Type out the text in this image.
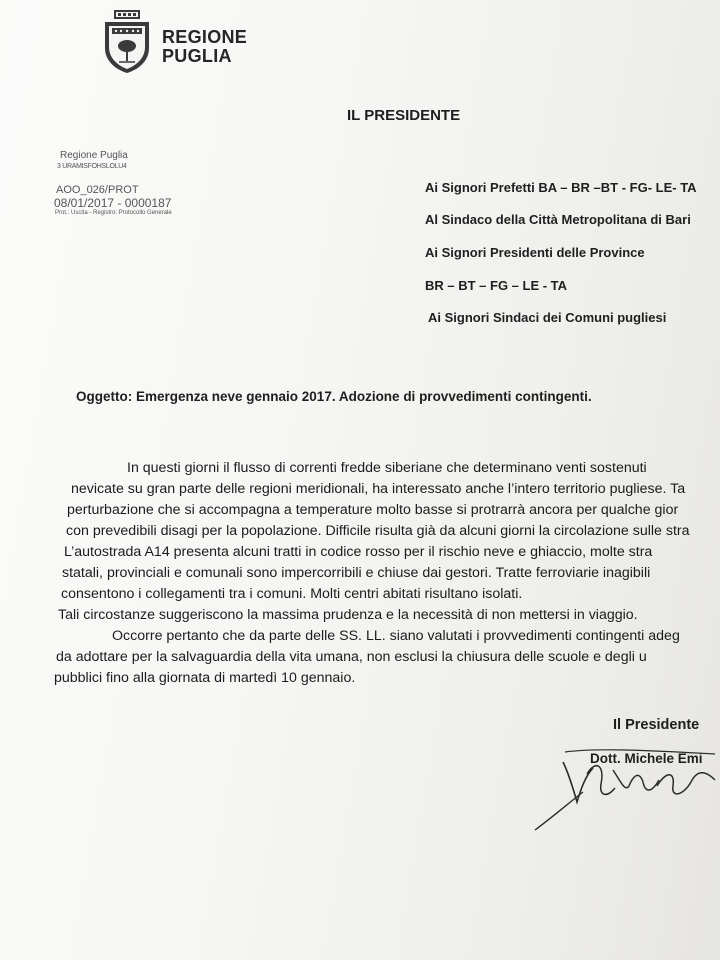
REGIONE
PUGLIA
IL PRESIDENTE
Regione Puglia
3 URAMISFOHSLOLU4
AOO_026/PROT
08/01/2017 - 0000187
Prot.: Uscita - Registro: Protocollo Generale
Ai Signori Prefetti BA – BR –BT - FG- LE- TA
Al Sindaco della Città Metropolitana di Bari
Ai Signori Presidenti delle Province
BR – BT – FG – LE - TA
Ai Signori Sindaci dei Comuni pugliesi
Oggetto: Emergenza neve gennaio 2017. Adozione di provvedimenti contingenti.
In questi giorni il flusso di correnti fredde siberiane che determinano venti sostenuti
nevicate su gran parte delle regioni meridionali, ha interessato anche l’intero territorio pugliese. Ta
perturbazione che si accompagna a temperature molto basse si protrarrà ancora per qualche gior
con prevedibili disagi per la popolazione. Difficile risulta già da alcuni giorni la circolazione sulle stra
L’autostrada A14 presenta alcuni tratti in codice rosso per il rischio neve e ghiaccio, molte stra
statali, provinciali e comunali sono impercorribili e chiuse dai gestori. Tratte ferroviarie inagibili
consentono i collegamenti tra i comuni. Molti centri abitati risultano isolati.
Tali circostanze suggeriscono la massima prudenza e la necessità di non mettersi in viaggio.
Occorre pertanto che da parte delle SS. LL. siano valutati i provvedimenti contingenti adeg
da adottare per la salvaguardia della vita umana, non esclusi la chiusura delle scuole e degli u
pubblici fino alla giornata di martedì 10 gennaio.
Il Presidente
Dott. Michele Emi
